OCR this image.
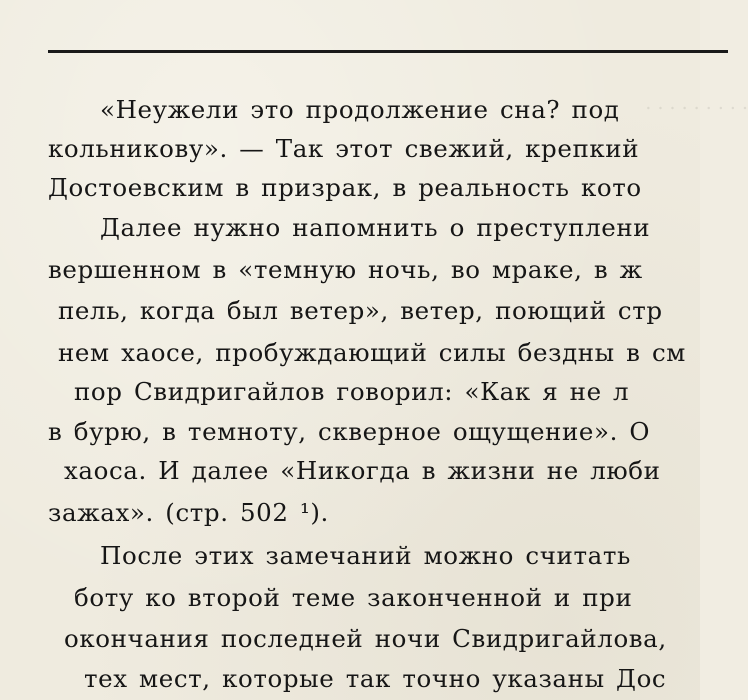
. . . . . . . . .
«Неужели это продолжение сна? под
кольникову». — Так этот свежий, крепкий
Достоевским в призрак, в реальность кото
Далее нужно напомнить о преступлени
вершенном в «темную ночь, во мраке, в ж
пель, когда был ветер», ветер, поющий стр
нем хаосе, пробуждающий силы бездны в см
пор Свидригайлов говорил: «Как я не л
в бурю, в темноту, скверное ощущение». О
хаоса. И далее «Никогда в жизни не люби
зажах». (стр. 502 ¹).
После этих замечаний можно считать
боту ко второй теме законченной и при
окончания последней ночи Свидригайлова,
тех мест, которые так точно указаны Дос
